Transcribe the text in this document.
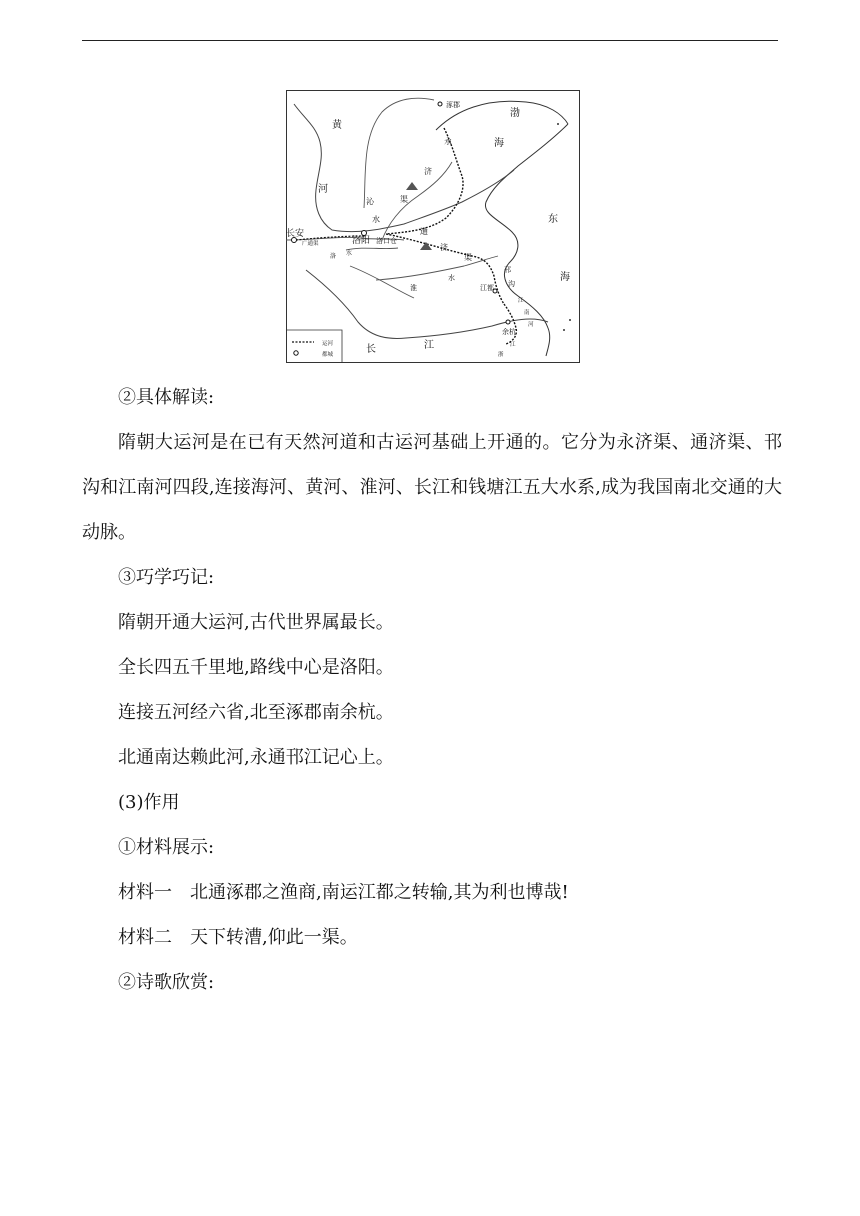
涿郡
渤
海
永
济
渠
黄
河
沁
水
长安
广通渠	洛阳 洛口仓
通
济
渠
洛 水
淮
水
东
海
邗
沟
江都
江
南
河
余杭
浙
江
长	江
运河
都城
②具体解读:
隋朝大运河是在已有天然河道和古运河基础上开通的。它分为永济渠、通济渠、邗沟和江南河四段,连接海河、黄河、淮河、长江和钱塘江五大水系,成为我国南北交通的大动脉。
③巧学巧记:
隋朝开通大运河,古代世界属最长。
全长四五千里地,路线中心是洛阳。
连接五河经六省,北至涿郡南余杭。
北通南达赖此河,永通邗江记心上。
(3)作用
①材料展示:
材料一　北通涿郡之渔商,南运江都之转输,其为利也博哉!
材料二　天下转漕,仰此一渠。
②诗歌欣赏:
